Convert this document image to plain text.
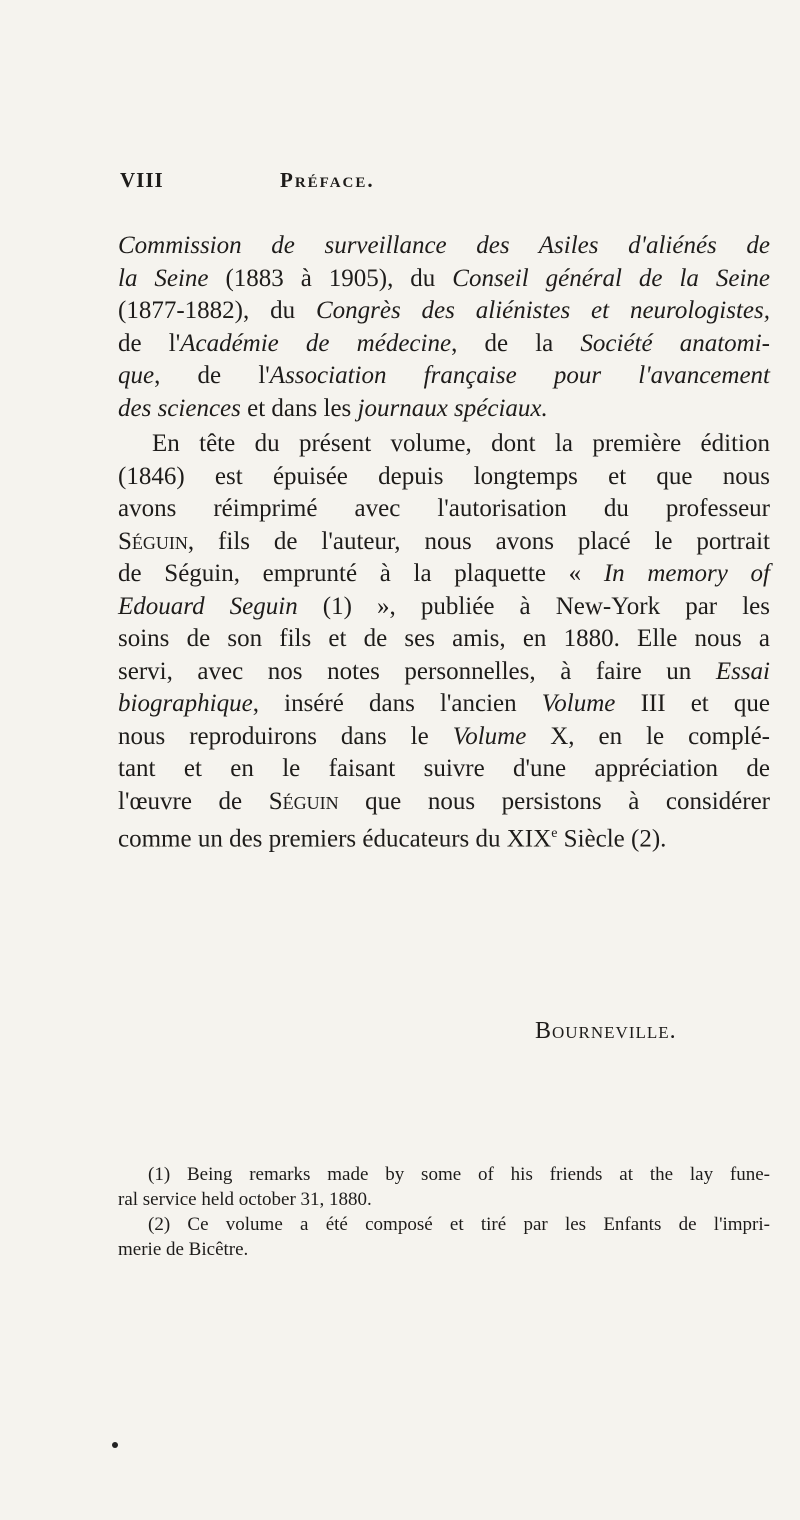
VIII	Préface.
Commission de surveillance des Asiles d'aliénés de
la Seine (1883 à 1905), du Conseil général de la Seine
(1877-1882), du Congrès des aliénistes et neurologistes,
de l'Académie de médecine, de la Société anatomi-
que, de l'Association française pour l'avancement
des sciences et dans les journaux spéciaux.
En tête du présent volume, dont la première édition
(1846) est épuisée depuis longtemps et que nous
avons réimprimé avec l'autorisation du professeur
Séguin, fils de l'auteur, nous avons placé le portrait
de Séguin, emprunté à la plaquette « In memory of
Edouard Seguin (1) », publiée à New-York par les
soins de son fils et de ses amis, en 1880. Elle nous a
servi, avec nos notes personnelles, à faire un Essai
biographique, inséré dans l'ancien Volume III et que
nous reproduirons dans le Volume X, en le complé-
tant et en le faisant suivre d'une appréciation de
l'œuvre de Séguin que nous persistons à considérer
comme un des premiers éducateurs du XIXe Siècle (2).
Bourneville.
(1) Being remarks made by some of his friends at the lay fune-
ral service held october 31, 1880.
(2) Ce volume a été composé et tiré par les Enfants de l'impri-
merie de Bicêtre.
